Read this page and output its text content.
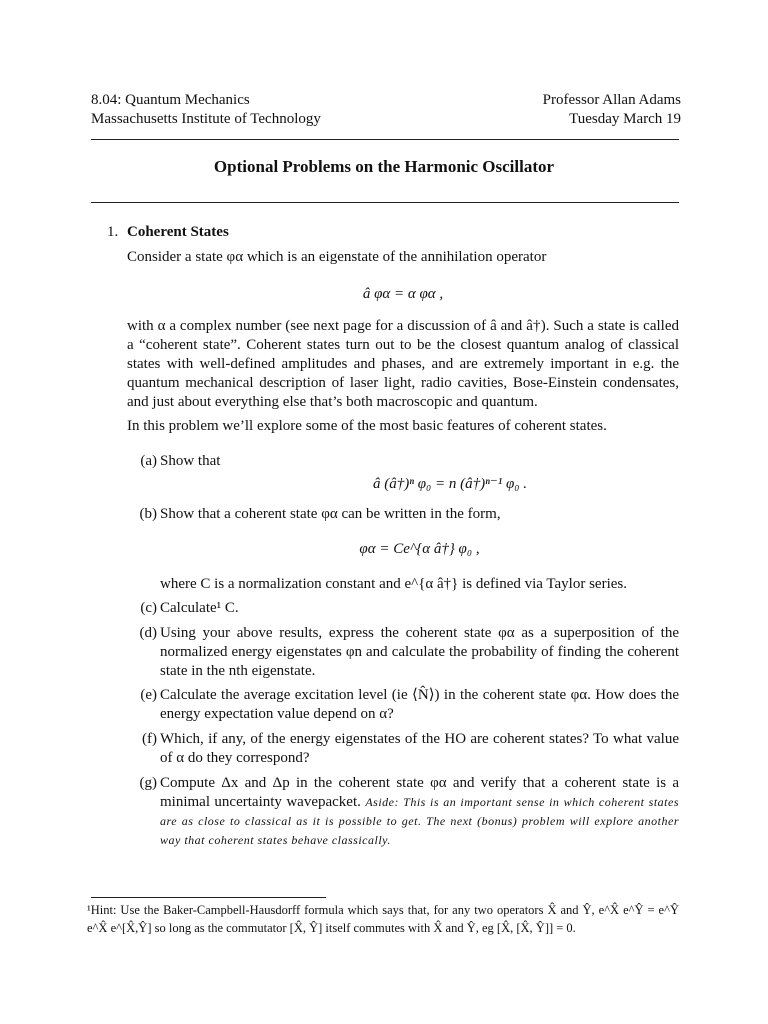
8.04: Quantum Mechanics
Massachusetts Institute of Technology
Professor Allan Adams
Tuesday March 19
Optional Problems on the Harmonic Oscillator
1. Coherent States
Consider a state φα which is an eigenstate of the annihilation operator
â φα = α φα ,
with α a complex number (see next page for a discussion of â and â†). Such a state is called a “coherent state”. Coherent states turn out to be the closest quantum analog of classical states with well-defined amplitudes and phases, and are extremely important in e.g. the quantum mechanical description of laser light, radio cavities, Bose-Einstein condensates, and just about everything else that’s both macroscopic and quantum.
In this problem we’ll explore some of the most basic features of coherent states.
(a) Show that
â (â†)ⁿ φ₀ = n (â†)ⁿ⁻¹ φ₀ .
(b) Show that a coherent state φα can be written in the form,
φα = Ce^{α â†} φ₀ ,
where C is a normalization constant and e^{α â†} is defined via Taylor series.
(c) Calculate¹ C.
(d) Using your above results, express the coherent state φα as a superposition of the normalized energy eigenstates φn and calculate the probability of finding the coherent state in the nth eigenstate.
(e) Calculate the average excitation level (ie ⟨N̂⟩) in the coherent state φα. How does the energy expectation value depend on α?
(f) Which, if any, of the energy eigenstates of the HO are coherent states? To what value of α do they correspond?
(g) Compute Δx and Δp in the coherent state φα and verify that a coherent state is a minimal uncertainty wavepacket. Aside: This is an important sense in which coherent states are as close to classical as it is possible to get. The next (bonus) problem will explore another way that coherent states behave classically.
¹Hint: Use the Baker-Campbell-Hausdorff formula which says that, for any two operators X̂ and Ŷ, e^X̂ e^Ŷ = e^Ŷ e^X̂ e^[X̂,Ŷ] so long as the commutator [X̂, Ŷ] itself commutes with X̂ and Ŷ, eg [X̂, [X̂, Ŷ]] = 0.
